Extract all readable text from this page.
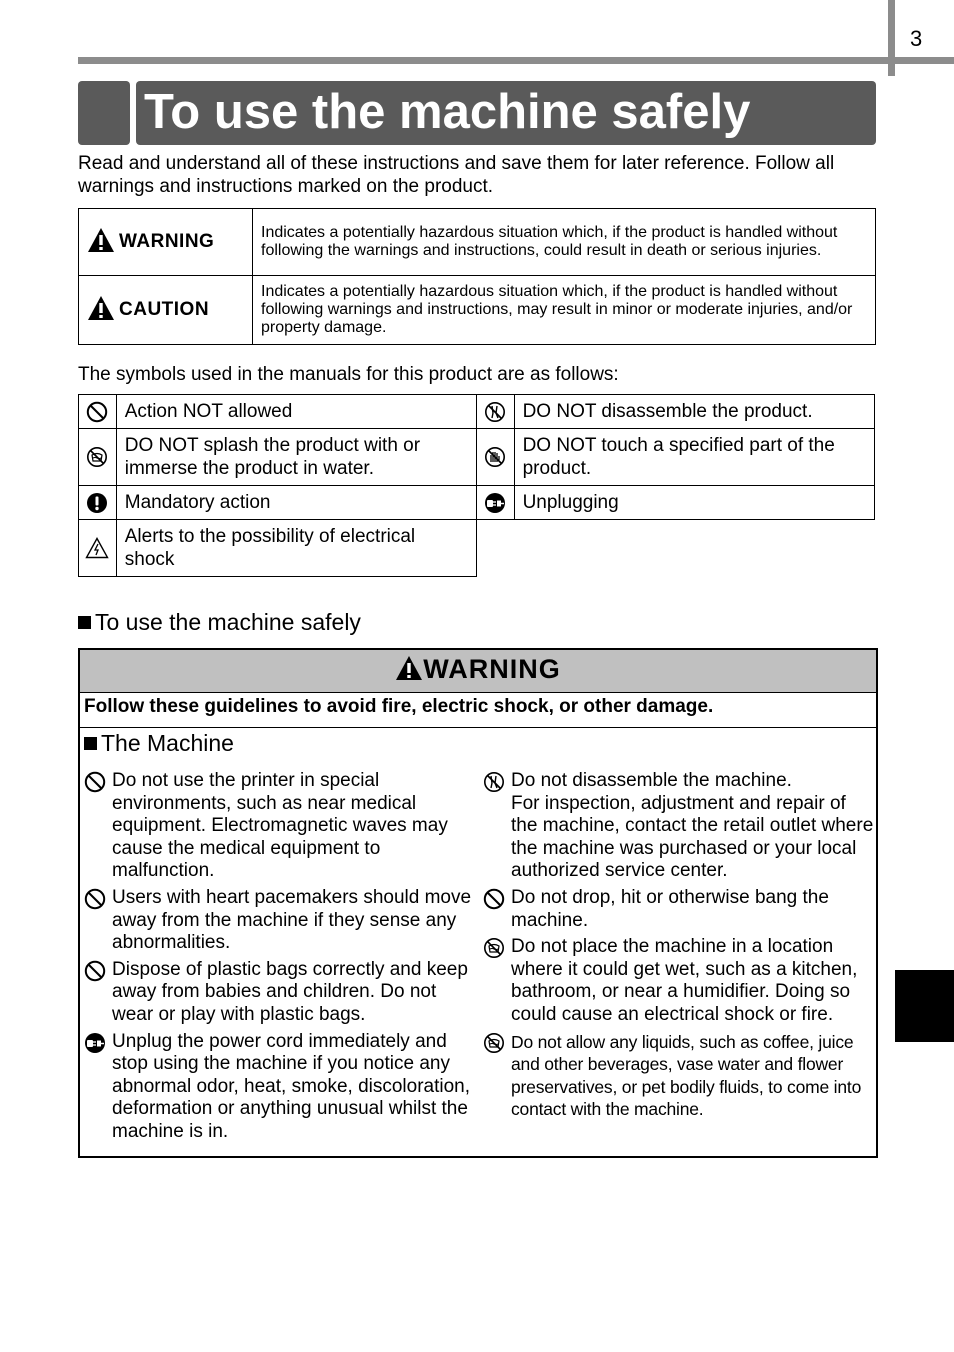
3
To use the machine safely
Read and understand all of these instructions and save them for later reference. Follow all warnings and instructions marked on the product.
WARNING	Indicates a potentially hazardous situation which, if the product is handled without following the warnings and instructions, could result in death or serious injuries.
CAUTION	Indicates a potentially hazardous situation which, if the product is handled without following warnings and instructions, may result in minor or moderate injuries, and/or property damage.
The symbols used in the manuals for this product are as follows:
	Action NOT allowed		DO NOT disassemble the product.

	DO NOT splash the product with or immerse the product in water.		DO NOT touch a specified part of the product.

	Mandatory action		Unplugging

	Alerts to the possibility of electrical shock		
To use the machine safely
WARNING
Follow these guidelines to avoid fire, electric shock, or other damage.
The Machine
Do not use the printer in special environments, such as near medical equipment. Electromagnetic waves may cause the medical equipment to malfunction.
Users with heart pacemakers should move away from the machine if they sense any abnormalities.
Dispose of plastic bags correctly and keep away from babies and children. Do not wear or play with plastic bags.
Unplug the power cord immediately and stop using the machine if you notice any abnormal odor, heat, smoke, discoloration, deformation or anything unusual whilst the machine is in.
Do not disassemble the machine.
For inspection, adjustment and repair of the machine, contact the retail outlet where the machine was purchased or your local authorized service center.
Do not drop, hit or otherwise bang the machine.
Do not place the machine in a location where it could get wet, such as a kitchen, bathroom, or near a humidifier. Doing so could cause an electrical shock or fire.
Do not allow any liquids, such as coffee, juice and other beverages, vase water and flower preservatives, or pet bodily fluids, to come into contact with the machine.
